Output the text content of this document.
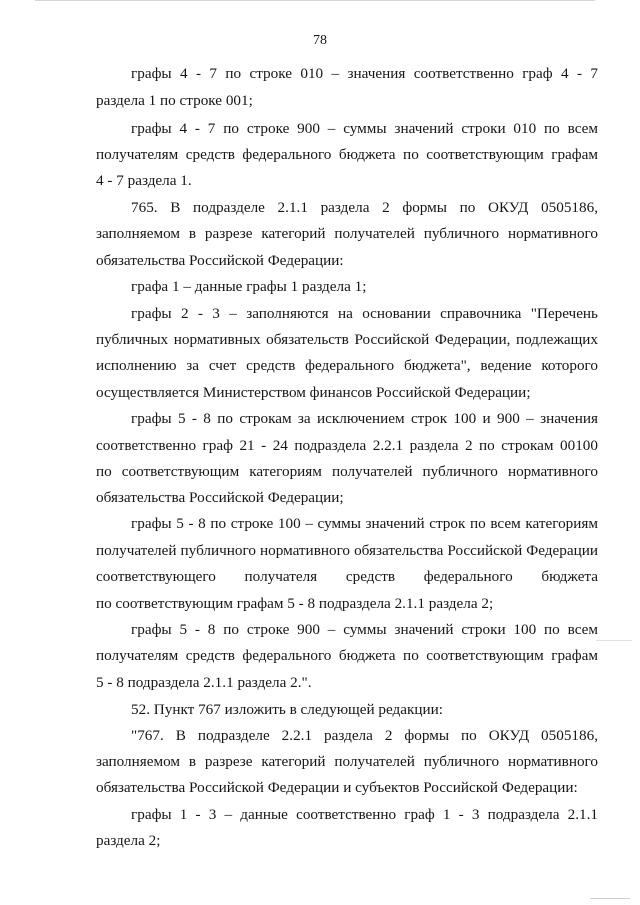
78

графы 4 - 7 по строке 010 – значения соответственно граф 4 - 7

раздела 1 по строке 001;

графы 4 - 7 по строке 900 – суммы значений строки 010 по всем

получателям средств федерального бюджета по соответствующим графам

4 - 7 раздела 1.

765. В подразделе 2.1.1 раздела 2 формы по ОКУД 0505186,

заполняемом в разрезе категорий получателей публичного нормативного

обязательства Российской Федерации:

графа 1 – данные графы 1 раздела 1;

графы 2 - 3 – заполняются на основании справочника "Перечень

публичных нормативных обязательств Российской Федерации, подлежащих

исполнению за счет средств федерального бюджета", ведение которого

осуществляется Министерством финансов Российской Федерации;

графы 5 - 8 по строкам за исключением строк 100 и 900 – значения

соответственно граф 21 - 24 подраздела 2.2.1 раздела 2 по строкам 00100

по соответствующим категориям получателей публичного нормативного

обязательства Российской Федерации;

графы 5 - 8 по строке 100 – суммы значений строк по всем категориям

получателей публичного нормативного обязательства Российской Федерации

соответствующего получателя средств федерального бюджета

по соответствующим графам 5 - 8 подраздела 2.1.1 раздела 2;

графы 5 - 8 по строке 900 – суммы значений строки 100 по всем

получателям средств федерального бюджета по соответствующим графам

5 - 8 подраздела 2.1.1 раздела 2.".

52. Пункт 767 изложить в следующей редакции:

"767. В подразделе 2.2.1 раздела 2 формы по ОКУД 0505186,

заполняемом в разрезе категорий получателей публичного нормативного

обязательства Российской Федерации и субъектов Российской Федерации:

графы 1 - 3 – данные соответственно граф 1 - 3 подраздела 2.1.1

раздела 2;
